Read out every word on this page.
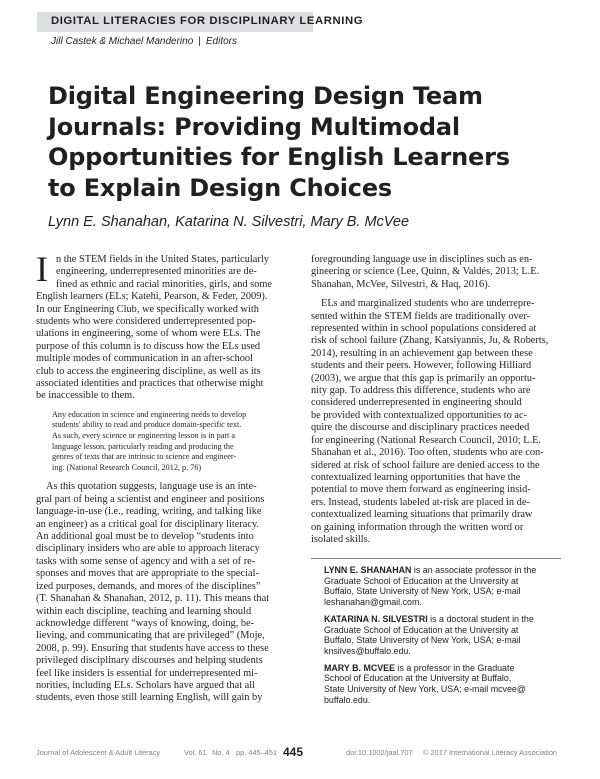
DIGITAL LITERACIES FOR DISCIPLINARY LEARNING
Jill Castek & Michael Manderino | Editors
Digital Engineering Design Team
Journals: Providing Multimodal
Opportunities for English Learners
to Explain Design Choices
Lynn E. Shanahan, Katarina N. Silvestri, Mary B. McVee
I n the STEM fields in the United States, particularly
engineering, underrepresented minorities are de-
fined as ethnic and racial minorities, girls, and some
English learners (ELs; Katehi, Pearson, & Feder, 2009).
In our Engineering Club, we specifically worked with
students who were considered underrepresented pop-
ulations in engineering, some of whom were ELs. The
purpose of this column is to discuss how the ELs used
multiple modes of communication in an after-school
club to access the engineering discipline, as well as its
associated identities and practices that otherwise might
be inaccessible to them.
Any education in science and engineering needs to develop
students' ability to read and produce domain-specific text.
As such, every science or engineering lesson is in part a
language lesson, particularly reading and producing the
genres of texts that are intrinsic to science and engineer-
ing. (National Research Council, 2012, p. 76)
As this quotation suggests, language use is an inte-
gral part of being a scientist and engineer and positions
language-in-use (i.e., reading, writing, and talking like
an engineer) as a critical goal for disciplinary literacy.
An additional goal must be to develop “students into
disciplinary insiders who are able to approach literacy
tasks with some sense of agency and with a set of re-
sponses and moves that are appropriate to the special-
ized purposes, demands, and mores of the disciplines”
(T. Shanahan & Shanahan, 2012, p. 11). This means that
within each discipline, teaching and learning should
acknowledge different “ways of knowing, doing, be-
lieving, and communicating that are privileged” (Moje,
2008, p. 99). Ensuring that students have access to these
privileged disciplinary discourses and helping students
feel like insiders is essential for underrepresented mi-
norities, including ELs. Scholars have argued that all
students, even those still learning English, will gain by
foregrounding language use in disciplines such as en-
gineering or science (Lee, Quinn, & Valdés, 2013; L.E.
Shanahan, McVee, Silvestri, & Haq, 2016).
ELs and marginalized students who are underrepre-
sented within the STEM fields are traditionally over-
represented within in school populations considered at
risk of school failure (Zhang, Katsiyannis, Ju, & Roberts,
2014), resulting in an achievement gap between these
students and their peers. However, following Hilliard
(2003), we argue that this gap is primarily an opportu-
nity gap. To address this difference, students who are
considered underrepresented in engineering should
be provided with contextualized opportunities to ac-
quire the discourse and disciplinary practices needed
for engineering (National Research Council, 2010; L.E.
Shanahan et al., 2016). Too often, students who are con-
sidered at risk of school failure are denied access to the
contextualized learning opportunities that have the
potential to move them forward as engineering insid-
ers. Instead, students labeled at-risk are placed in de-
contextualized learning situations that primarily draw
on gaining information through the written word or
isolated skills.
LYNN E. SHANAHAN is an associate professor in the
Graduate School of Education at the University at
Buffalo, State University of New York, USA; e-mail
leshanahan@gmail.com.
KATARINA N. SILVESTRI is a doctoral student in the
Graduate School of Education at the University at
Buffalo, State University of New York, USA; e-mail
knsilves@buffalo.edu.
MARY B. MCVEE is a professor in the Graduate
School of Education at the University at Buffalo,
State University of New York, USA; e-mail mcvee@
buffalo.edu.
Journal of Adolescent & Adult Literacy	Vol. 61 No. 4 pp. 445–451 445	doi:10.1002/jaal.707 © 2017 International Literacy Association
